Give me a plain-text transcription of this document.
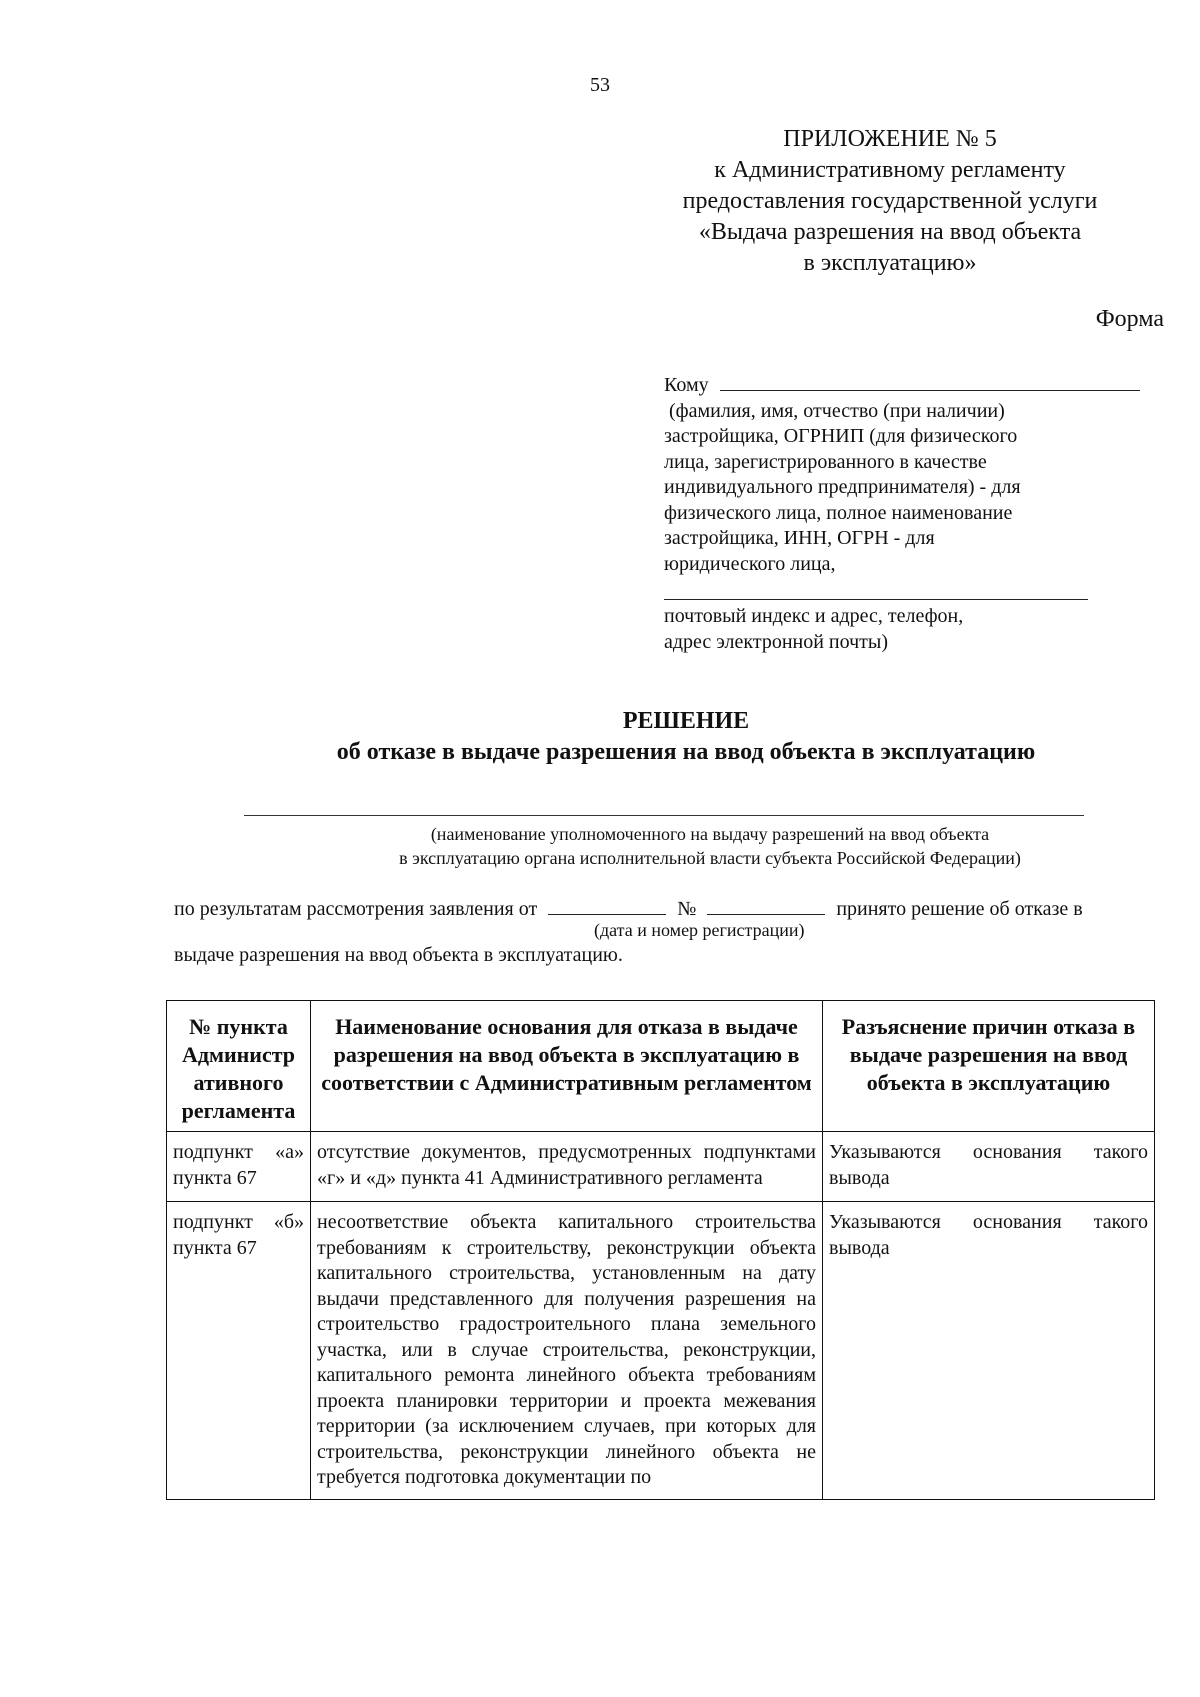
53
ПРИЛОЖЕНИЕ № 5
к Административному регламенту
предоставления государственной услуги
«Выдача разрешения на ввод объекта
в эксплуатацию»
Форма
Кому
(фамилия, имя, отчество (при наличии)
застройщика, ОГРНИП (для физического
лица, зарегистрированного в качестве
индивидуального предпринимателя) - для
физического лица, полное наименование
застройщика, ИНН, ОГРН - для
юридического лица,
почтовый индекс и адрес, телефон,
адрес электронной почты)
РЕШЕНИЕ
об отказе в выдаче разрешения на ввод объекта в эксплуатацию
(наименование уполномоченного на выдачу разрешений на ввод объекта
в эксплуатацию органа исполнительной власти субъекта Российской Федерации)
по результатам рассмотрения заявления от	№	принято решение об отказе в
(дата и номер регистрации)
выдаче разрешения на ввод объекта в эксплуатацию.
№ пункта Администр ативного регламента	Наименование основания для отказа в выдаче разрешения на ввод объекта в эксплуатацию в соответствии с Административным регламентом	Разъяснение причин отказа в выдаче разрешения на ввод объекта в эксплуатацию
подпункт «а» пункта 67	отсутствие документов, предусмотренных подпунктами «г» и «д» пункта 41 Административного регламента	Указываются основания такого вывода
подпункт «б» пункта 67	несоответствие объекта капитального строительства требованиям к строительству, реконструкции объекта капитального строительства, установленным на дату выдачи представленного для получения разрешения на строительство градостроительного плана земельного участка, или в случае строительства, реконструкции, капитального ремонта линейного объекта требованиям проекта планировки территории и проекта межевания территории (за исключением случаев, при которых для строительства, реконструкции линейного объекта не требуется подготовка документации по	Указываются основания такого вывода
